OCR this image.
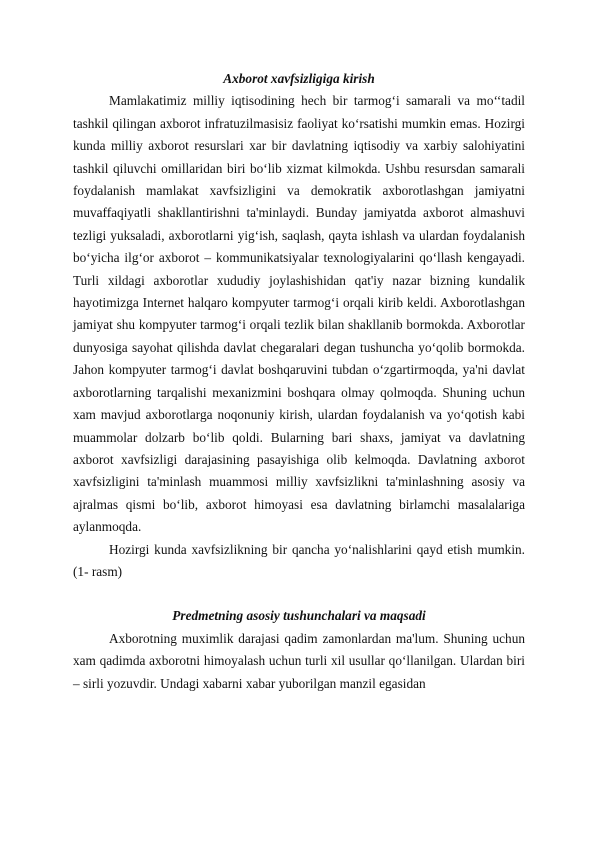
Axborot xavfsizligiga kirish

Mamlakatimiz milliy iqtisodining hech bir tarmog‘i samarali va mo‘‘tadil tashkil qilingan axborot infratuzilmasisiz faoliyat ko‘rsatishi mumkin emas. Hozirgi kunda milliy axborot resurslari xar bir davlatning iqtisodiy va xarbiy salohiyatini tashkil qiluvchi omillaridan biri bo‘lib xizmat kilmokda. Ushbu resursdan samarali foydalanish mamlakat xavfsizligini va demokratik axborotlashgan jamiyatni muvaffaqiyatli shakllantirishni ta'minlaydi. Bunday jamiyatda axborot almashuvi tezligi yuksaladi, axborotlarni yig‘ish, saqlash, qayta ishlash va ulardan foydalanish bo‘yicha ilg‘or axborot – kommunikatsiyalar texnologiyalarini qo‘llash kengayadi. Turli xildagi axborotlar xududiy joylashishidan qat'iy nazar bizning kundalik hayotimizga Internet halqaro kompyuter tarmog‘i orqali kirib keldi. Axborotlashgan jamiyat shu kompyuter tarmog‘i orqali tezlik bilan shakllanib bormokda. Axborotlar dunyosiga sayohat qilishda davlat chegaralari degan tushuncha yo‘qolib bormokda. Jahon kompyuter tarmog‘i davlat boshqaruvini tubdan o‘zgartirmoqda, ya'ni davlat axborotlarning tarqalishi mexanizmini boshqara olmay qolmoqda. Shuning uchun xam mavjud axborotlarga noqonuniy kirish, ulardan foydalanish va yo‘qotish kabi muammolar dolzarb bo‘lib qoldi. Bularning bari shaxs, jamiyat va davlatning axborot xavfsizligi darajasining pasayishiga olib kelmoqda. Davlatning axborot xavfsizligini ta'minlash muammosi milliy xavfsizlikni ta'minlashning asosiy va ajralmas qismi bo‘lib, axborot himoyasi esa davlatning birlamchi masalalariga aylanmoqda.

Hozirgi kunda xavfsizlikning bir qancha yo‘nalishlarini qayd etish mumkin. (1- rasm)

Predmetning asosiy tushunchalari va maqsadi

Axborotning muximlik darajasi qadim zamonlardan ma'lum. Shuning uchun xam qadimda axborotni himoyalash uchun turli xil usullar qo‘llanilgan. Ulardan biri – sirli yozuvdir. Undagi xabarni xabar yuborilgan manzil egasidan
